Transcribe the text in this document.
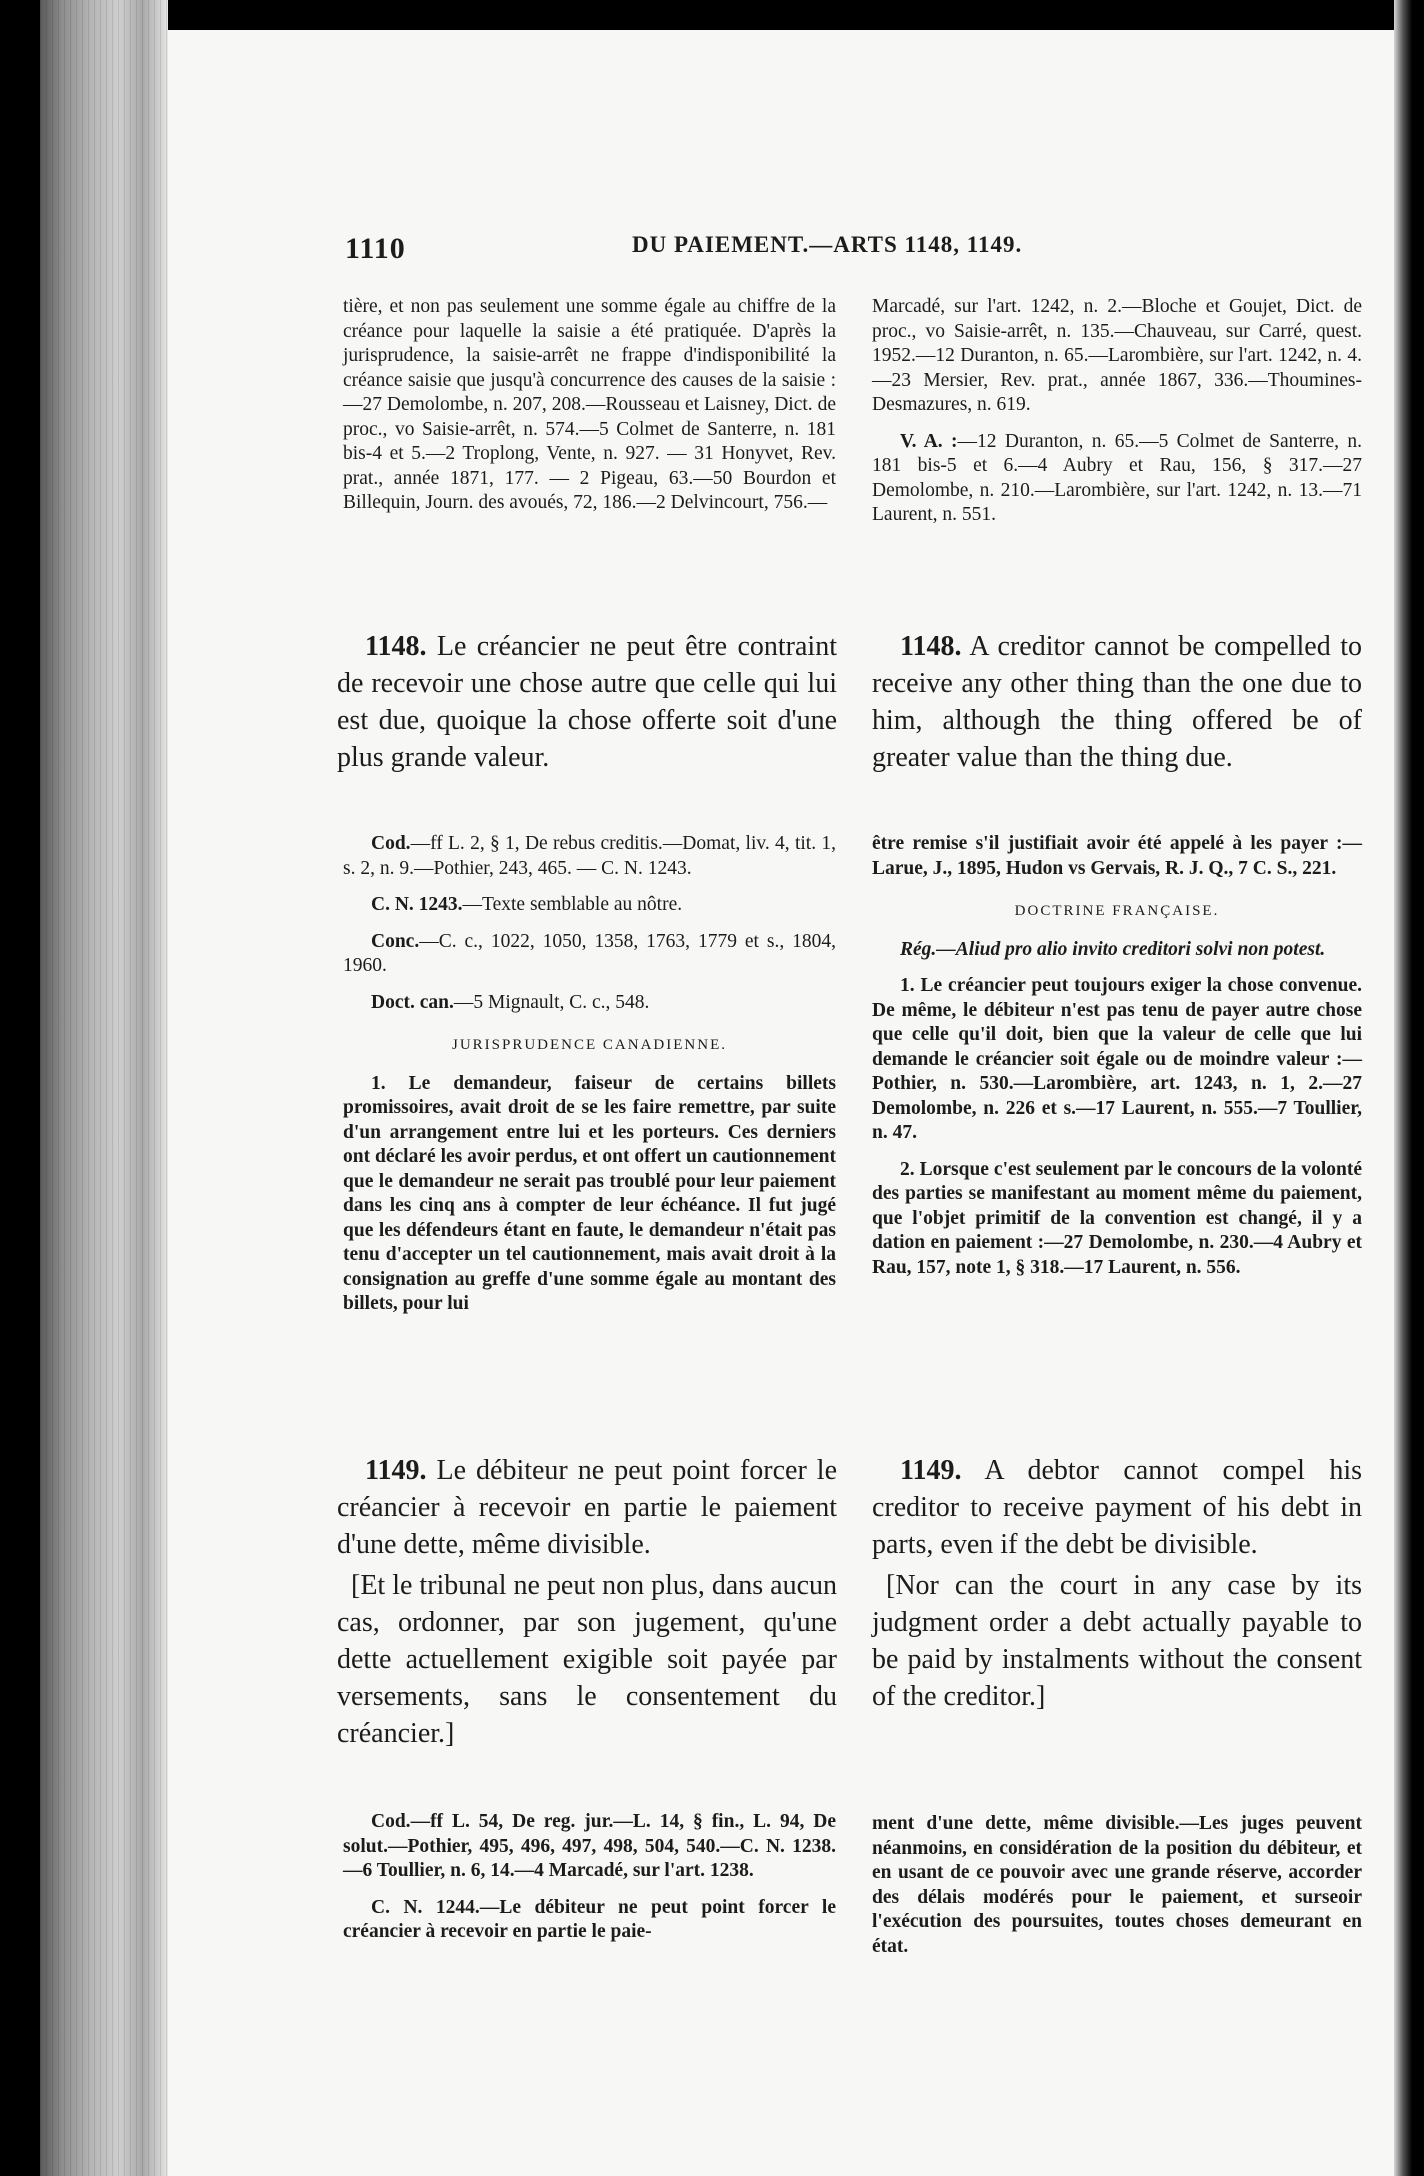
1110	DU PAIEMENT.—ARTS 1148, 1149.

tière, et non pas seulement une somme égale au chiffre de la créance pour laquelle la saisie a été pratiquée. D'après la jurisprudence, la saisie-arrêt ne frappe d'indisponibilité la créance saisie que jusqu'à concurrence des causes de la saisie :—27 Demolombe, n. 207, 208.—Rousseau et Laisney, Dict. de proc., vo Saisie-arrêt, n. 574.—5 Colmet de Santerre, n. 181 bis-4 et 5.—2 Troplong, Vente, n. 927. — 31 Honyvet, Rev. prat., année 1871, 177. — 2 Pigeau, 63.—50 Bourdon et Billequin, Journ. des avoués, 72, 186.—2 Delvincourt, 756.—

Marcadé, sur l'art. 1242, n. 2.—Bloche et Goujet, Dict. de proc., vo Saisie-arrêt, n. 135.—Chauveau, sur Carré, quest. 1952.—12 Duranton, n. 65.—Larombière, sur l'art. 1242, n. 4.—23 Mersier, Rev. prat., année 1867, 336.—Thoumines-Desmazures, n. 619.

V. A. :—12 Duranton, n. 65.—5 Colmet de Santerre, n. 181 bis-5 et 6.—4 Aubry et Rau, 156, § 317.—27 Demolombe, n. 210.—Larombière, sur l'art. 1242, n. 13.—71 Laurent, n. 551.

1148. Le créancier ne peut être contraint de recevoir une chose autre que celle qui lui est due, quoique la chose offerte soit d'une plus grande valeur.

1148. A creditor cannot be compelled to receive any other thing than the one due to him, although the thing offered be of greater value than the thing due.

Cod.—ff L. 2, § 1, De rebus creditis.—Domat, liv. 4, tit. 1, s. 2, n. 9.—Pothier, 243, 465. — C. N. 1243.

C. N. 1243.—Texte semblable au nôtre.

Conc.—C. c., 1022, 1050, 1358, 1763, 1779 et s., 1804, 1960.

Doct. can.—5 Mignault, C. c., 548.

JURISPRUDENCE CANADIENNE.

1. Le demandeur, faiseur de certains billets promissoires, avait droit de se les faire remettre, par suite d'un arrangement entre lui et les porteurs. Ces derniers ont déclaré les avoir perdus, et ont offert un cautionnement que le demandeur ne serait pas troublé pour leur paiement dans les cinq ans à compter de leur échéance. Il fut jugé que les défendeurs étant en faute, le demandeur n'était pas tenu d'accepter un tel cautionnement, mais avait droit à la consignation au greffe d'une somme égale au montant des billets, pour lui

être remise s'il justifiait avoir été appelé à les payer :—Larue, J., 1895, Hudon vs Gervais, R. J. Q., 7 C. S., 221.

DOCTRINE FRANÇAISE.

Rég.—Aliud pro alio invito creditori solvi non potest.

1. Le créancier peut toujours exiger la chose convenue. De même, le débiteur n'est pas tenu de payer autre chose que celle qu'il doit, bien que la valeur de celle que lui demande le créancier soit égale ou de moindre valeur :—Pothier, n. 530.—Larombière, art. 1243, n. 1, 2.—27 Demolombe, n. 226 et s.—17 Laurent, n. 555.—7 Toullier, n. 47.

2. Lorsque c'est seulement par le concours de la volonté des parties se manifestant au moment même du paiement, que l'objet primitif de la convention est changé, il y a dation en paiement :—27 Demolombe, n. 230.—4 Aubry et Rau, 157, note 1, § 318.—17 Laurent, n. 556.

1149. Le débiteur ne peut point forcer le créancier à recevoir en partie le paiement d'une dette, même divisible.

[Et le tribunal ne peut non plus, dans aucun cas, ordonner, par son jugement, qu'une dette actuellement exigible soit payée par versements, sans le consentement du créancier.]

1149. A debtor cannot compel his creditor to receive payment of his debt in parts, even if the debt be divisible.

[Nor can the court in any case by its judgment order a debt actually payable to be paid by instalments without the consent of the creditor.]

Cod.—ff L. 54, De reg. jur.—L. 14, § fin., L. 94, De solut.—Pothier, 495, 496, 497, 498, 504, 540.—C. N. 1238.—6 Toullier, n. 6, 14.—4 Marcadé, sur l'art. 1238.

C. N. 1244.—Le débiteur ne peut point forcer le créancier à recevoir en partie le paie-

ment d'une dette, même divisible.—Les juges peuvent néanmoins, en considération de la position du débiteur, et en usant de ce pouvoir avec une grande réserve, accorder des délais modérés pour le paiement, et surseoir l'exécution des poursuites, toutes choses demeurant en état.
